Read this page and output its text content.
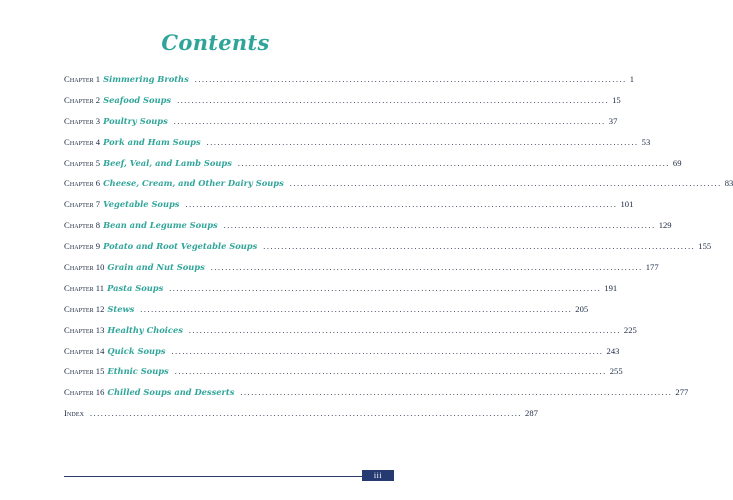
Contents
Chapter 1 Simmering Broths ........................................................................................................................ 1
Chapter 2 Seafood Soups ........................................................................................................................ 15
Chapter 3 Poultry Soups ........................................................................................................................ 37
Chapter 4 Pork and Ham Soups ........................................................................................................................ 53
Chapter 5 Beef, Veal, and Lamb Soups ........................................................................................................................ 69
Chapter 6 Cheese, Cream, and Other Dairy Soups ........................................................................................................................ 83
Chapter 7 Vegetable Soups ........................................................................................................................ 101
Chapter 8 Bean and Legume Soups ........................................................................................................................ 129
Chapter 9 Potato and Root Vegetable Soups ........................................................................................................................ 155
Chapter 10 Grain and Nut Soups ........................................................................................................................ 177
Chapter 11 Pasta Soups ........................................................................................................................ 191
Chapter 12 Stews ........................................................................................................................ 205
Chapter 13 Healthy Choices ........................................................................................................................ 225
Chapter 14 Quick Soups ........................................................................................................................ 243
Chapter 15 Ethnic Soups ........................................................................................................................ 255
Chapter 16 Chilled Soups and Desserts ........................................................................................................................ 277
Index ........................................................................................................................ 287
iii
